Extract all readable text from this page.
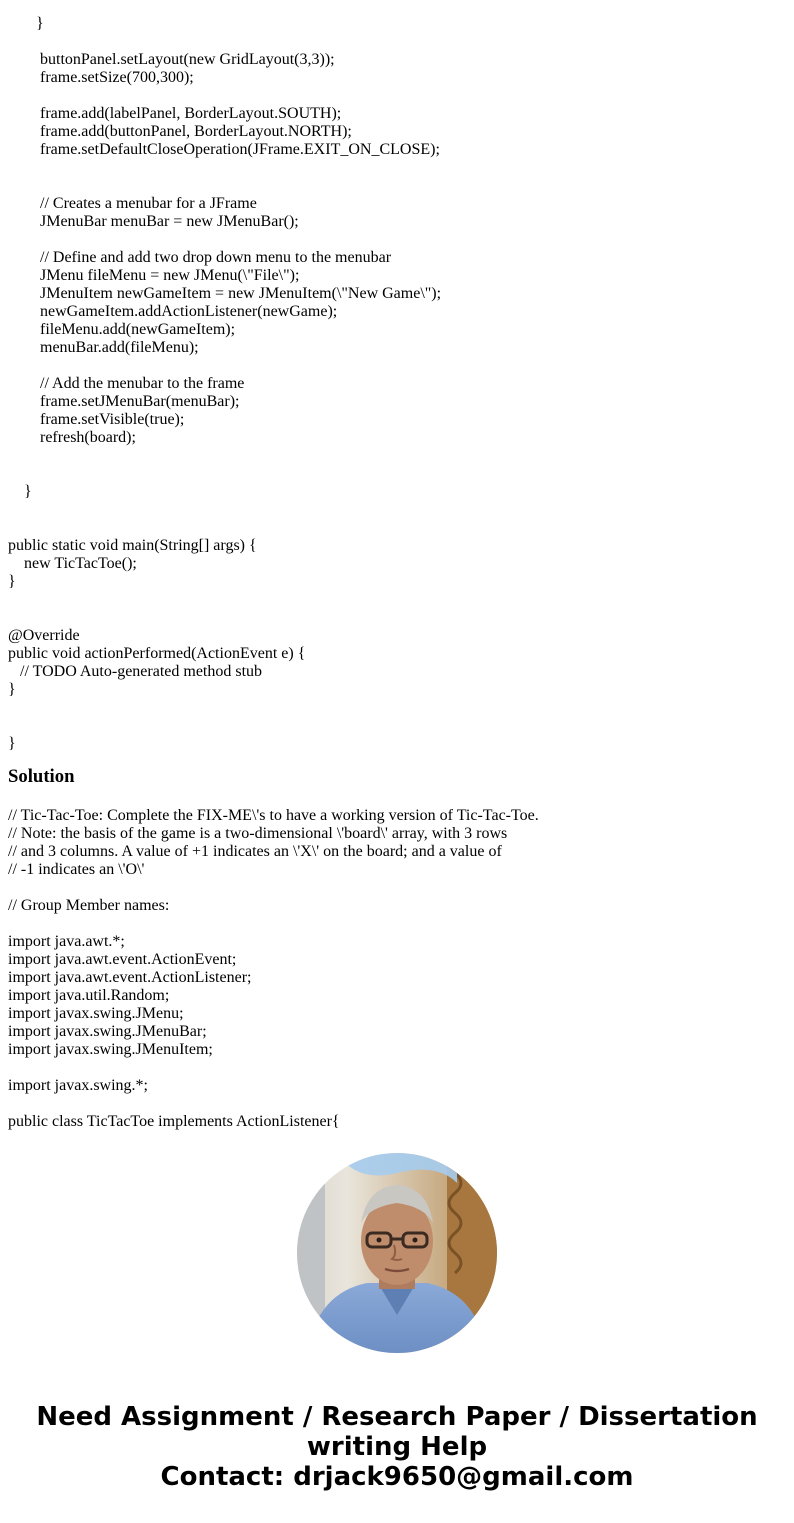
}

buttonPanel.setLayout(new GridLayout(3,3));
frame.setSize(700,300);

frame.add(labelPanel, BorderLayout.SOUTH);
frame.add(buttonPanel, BorderLayout.NORTH);
frame.setDefaultCloseOperation(JFrame.EXIT_ON_CLOSE);

// Creates a menubar for a JFrame
JMenuBar menuBar = new JMenuBar();

// Define and add two drop down menu to the menubar
JMenu fileMenu = new JMenu(\"File\");
JMenuItem newGameItem = new JMenuItem(\"New Game\");
newGameItem.addActionListener(newGame);
fileMenu.add(newGameItem);
menuBar.add(fileMenu);

// Add the menubar to the frame
frame.setJMenuBar(menuBar);
frame.setVisible(true);
refresh(board);

}

public static void main(String[] args) {
new TicTacToe();
}

@Override
public void actionPerformed(ActionEvent e) {
// TODO Auto-generated method stub
}

}
Solution
// Tic-Tac-Toe: Complete the FIX-ME\'s to have a working version of Tic-Tac-Toe.
// Note: the basis of the game is a two-dimensional \'board\' array, with 3 rows
// and 3 columns. A value of +1 indicates an \'X\' on the board; and a value of
// -1 indicates an \'O\'

// Group Member names:

import java.awt.*;
import java.awt.event.ActionEvent;
import java.awt.event.ActionListener;
import java.util.Random;
import javax.swing.JMenu;
import javax.swing.JMenuBar;
import javax.swing.JMenuItem;

import javax.swing.*;

public class TicTacToe implements ActionListener{
Need Assignment / Research Paper / Dissertation
writing Help
Contact: drjack9650@gmail.com
